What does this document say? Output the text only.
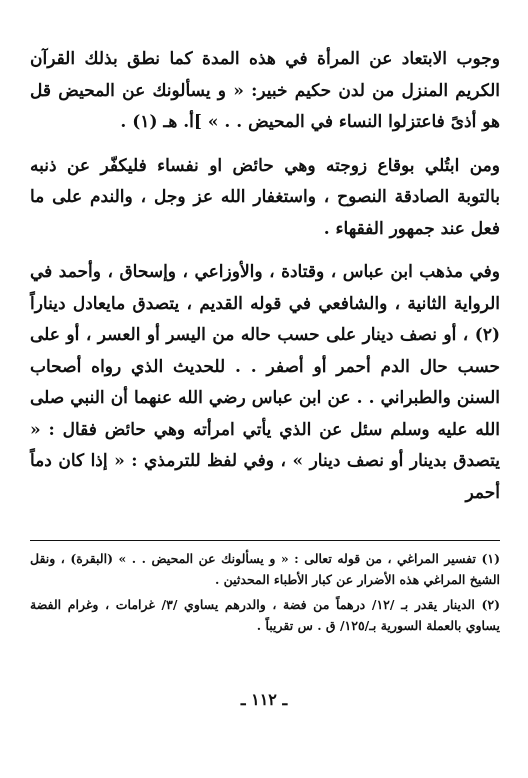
وجوب الابتعاد عن المرأة في هذه المدة كما نطق بذلك القرآن الكريم المنزل من لدن حكيم خبير: « و يسألونك عن المحيض قل هو أذىً فاعتزلوا النساء في المحيض . . » ]أ. هـ (١) .

ومن ابتُلي بوقاع زوجته وهي حائض او نفساء فليكفّر عن ذنبه بالتوبة الصادقة النصوح ، واستغفار الله عز وجل ، والندم على ما فعل عند جمهور الفقهاء .

وفي مذهب ابن عباس ، وقتادة ، والأوزاعي ، وإسحاق ، وأحمد في الرواية الثانية ، والشافعي في قوله القديم ، يتصدق مايعادل ديناراً (٢) ، أو نصف دينار على حسب حاله من اليسر أو العسر ، أو على حسب حال الدم أحمر أو أصفر . . للحديث الذي رواه أصحاب السنن والطبراني . . عن ابن عباس رضي الله عنهما أن النبي صلى الله عليه وسلم سئل عن الذي يأتي امرأته وهي حائض فقال : « يتصدق بدينار أو نصف دينار » ، وفي لفظ للترمذي : « إذا كان دماً أحمر

(١) تفسير المراغي ، من قوله تعالى : « و يسألونك عن المحيض . . » (البقرة) ، ونقل الشيخ المراغي هذه الأضرار عن كبار الأطباء المحدثين .

(٢) الدينار يقدر بـ /١٢/ درهماً من فضة ، والدرهم يساوي /٣/ غرامات ، وغرام الفضة يساوي بالعملة السورية بـ/١٢٥/ ق . س تقريباً .

ـ ١١٢ ـ
